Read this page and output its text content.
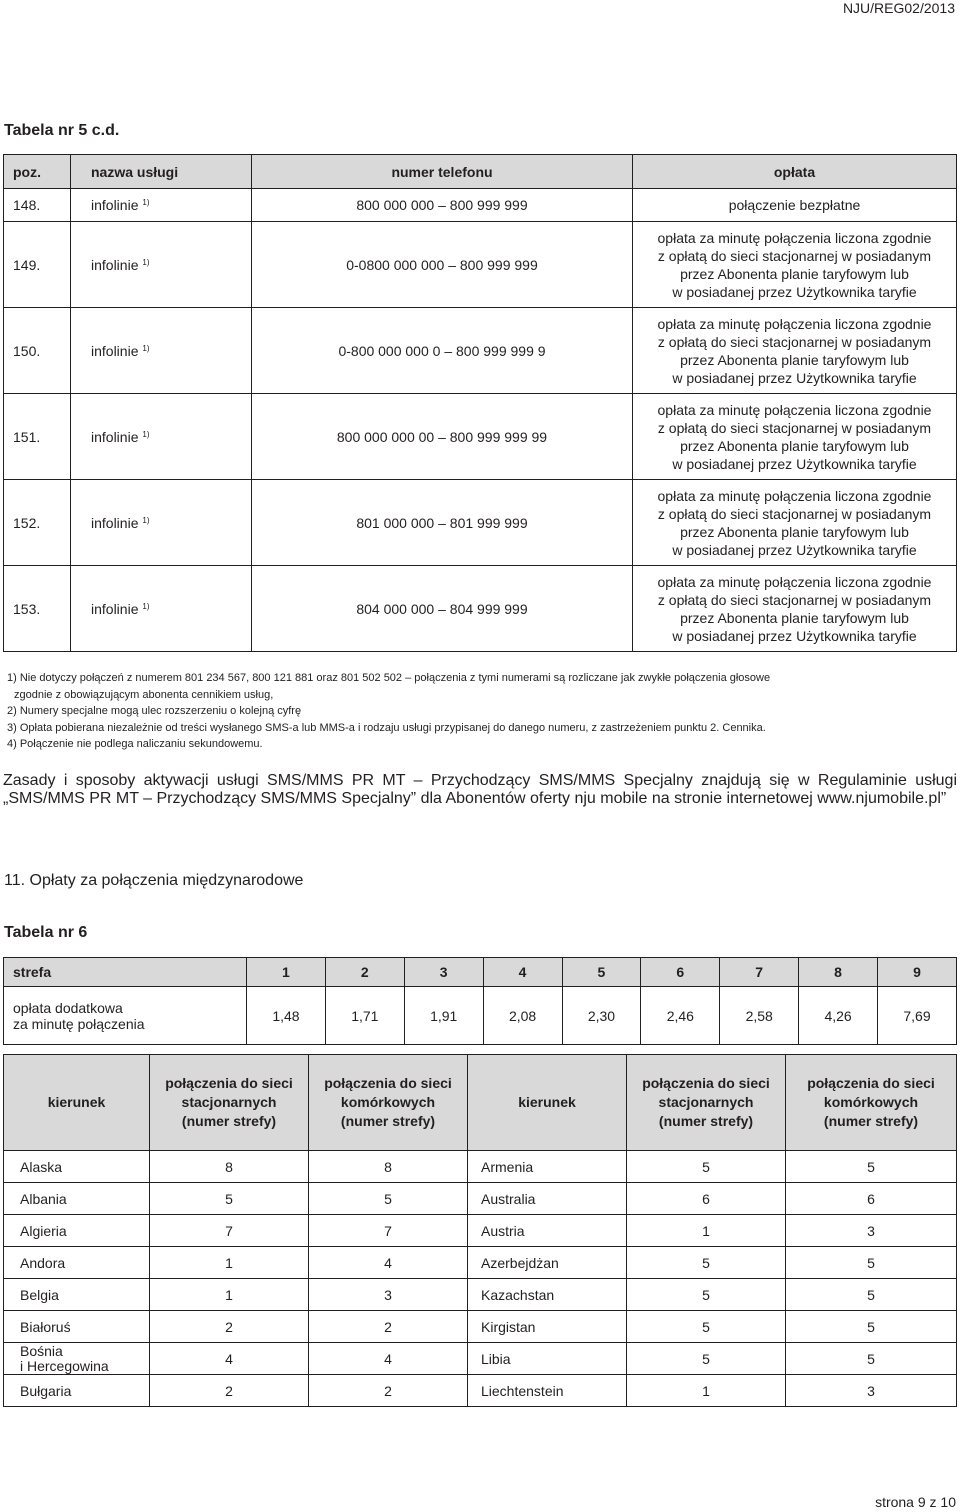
NJU/REG02/2013
Tabela nr 5 c.d.
poz.	nazwa usługi	numer telefonu	opłata
148.	infolinie $^{1)}$	800 000 000 – 800 999 999	połączenie bezpłatne
149.	infolinie $^{1)}$	0-0800 000 000 – 800 999 999	opłata za minutę połączenia liczona zgodnie
z opłatą do sieci stacjonarnej w posiadanym
przez Abonenta planie taryfowym lub
w posiadanej przez Użytkownika taryfie
150.	infolinie $^{1)}$	0-800 000 000 0 – 800 999 999 9	opłata za minutę połączenia liczona zgodnie
z opłatą do sieci stacjonarnej w posiadanym
przez Abonenta planie taryfowym lub
w posiadanej przez Użytkownika taryfie
151.	infolinie $^{1)}$	800 000 000 00 – 800 999 999 99	opłata za minutę połączenia liczona zgodnie
z opłatą do sieci stacjonarnej w posiadanym
przez Abonenta planie taryfowym lub
w posiadanej przez Użytkownika taryfie
152.	infolinie $^{1)}$	801 000 000 – 801 999 999	opłata za minutę połączenia liczona zgodnie
z opłatą do sieci stacjonarnej w posiadanym
przez Abonenta planie taryfowym lub
w posiadanej przez Użytkownika taryfie
153.	infolinie $^{1)}$	804 000 000 – 804 999 999	opłata za minutę połączenia liczona zgodnie
z opłatą do sieci stacjonarnej w posiadanym
przez Abonenta planie taryfowym lub
w posiadanej przez Użytkownika taryfie
1) Nie dotyczy połączeń z numerem 801 234 567, 800 121 881 oraz 801 502 502 – połączenia z tymi numerami są rozliczane jak zwykłe połączenia głosowe
zgodnie z obowiązującym abonenta cennikiem usług,
2) Numery specjalne mogą ulec rozszerzeniu o kolejną cyfrę
3) Opłata pobierana niezależnie od treści wysłanego SMS-a lub MMS-a i rodzaju usługi przypisanej do danego numeru, z zastrzeżeniem punktu 2. Cennika.
4) Połączenie nie podlega naliczaniu sekundowemu.
Zasady i sposoby aktywacji usługi SMS/MMS PR MT – Przychodzący SMS/MMS Specjalny znajdują się w Regulaminie usługi „SMS/MMS PR MT – Przychodzący SMS/MMS Specjalny” dla Abonentów oferty nju mobile na stronie internetowej www.njumobile.pl”
11. Opłaty za połączenia międzynarodowe
Tabela nr 6
strefa	1	2	3	4	5	6	7	8	9
opłata dodatkowa
za minutę połączenia	1,48	1,71	1,91	2,08	2,30	2,46	2,58	4,26	7,69
kierunek	połączenia do sieci
stacjonarnych
(numer strefy)	połączenia do sieci
komórkowych
(numer strefy)	kierunek	połączenia do sieci
stacjonarnych
(numer strefy)	połączenia do sieci
komórkowych
(numer strefy)
Alaska	8	8	Armenia	5	5
Albania	5	5	Australia	6	6
Algieria	7	7	Austria	1	3
Andora	1	4	Azerbejdżan	5	5
Belgia	1	3	Kazachstan	5	5
Białoruś	2	2	Kirgistan	5	5
Bośnia
i Hercegowina	4	4	Libia	5	5
Bułgaria	2	2	Liechtenstein	1	3
strona 9 z 10
